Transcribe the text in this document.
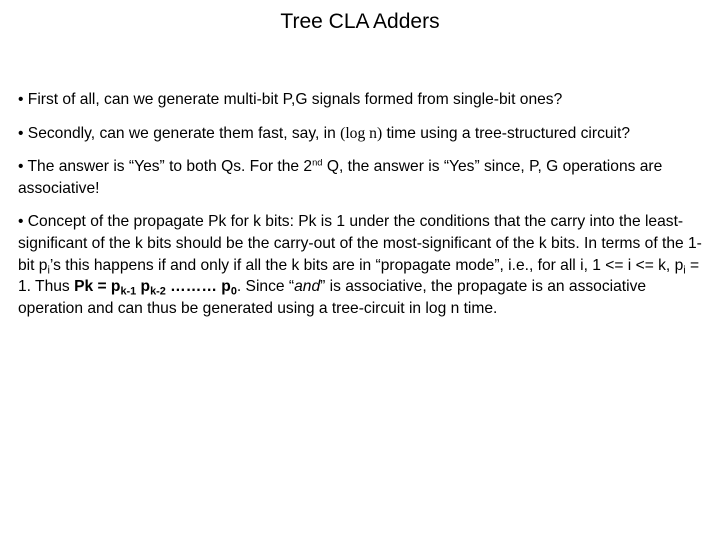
Tree CLA Adders

• First of all, can we generate multi-bit P,G signals formed from single-bit ones?

• Secondly, can we generate them fast, say, in (log n) time using a tree-structured circuit?

• The answer is “Yes” to both Qs. For the 2nd Q, the answer is “Yes” since, P, G operations are associative!

• Concept of the propagate Pk for k bits: Pk is 1 under the conditions that the carry into the least-significant of the k bits should be the carry-out of the most-significant of the k bits. In terms of the 1-bit $p_i’s$ this happens if and only if all the k bits are in “propagate mode”, i.e., for all i, 1 <= i <= k, $p_i = 1$. Thus $Pk = p_{k-1}$ $p_{k-2}$ ……… $p_0$. Since “and” is associative, the propagate is an associative operation and can thus be generated using a tree-circuit in log n time.
